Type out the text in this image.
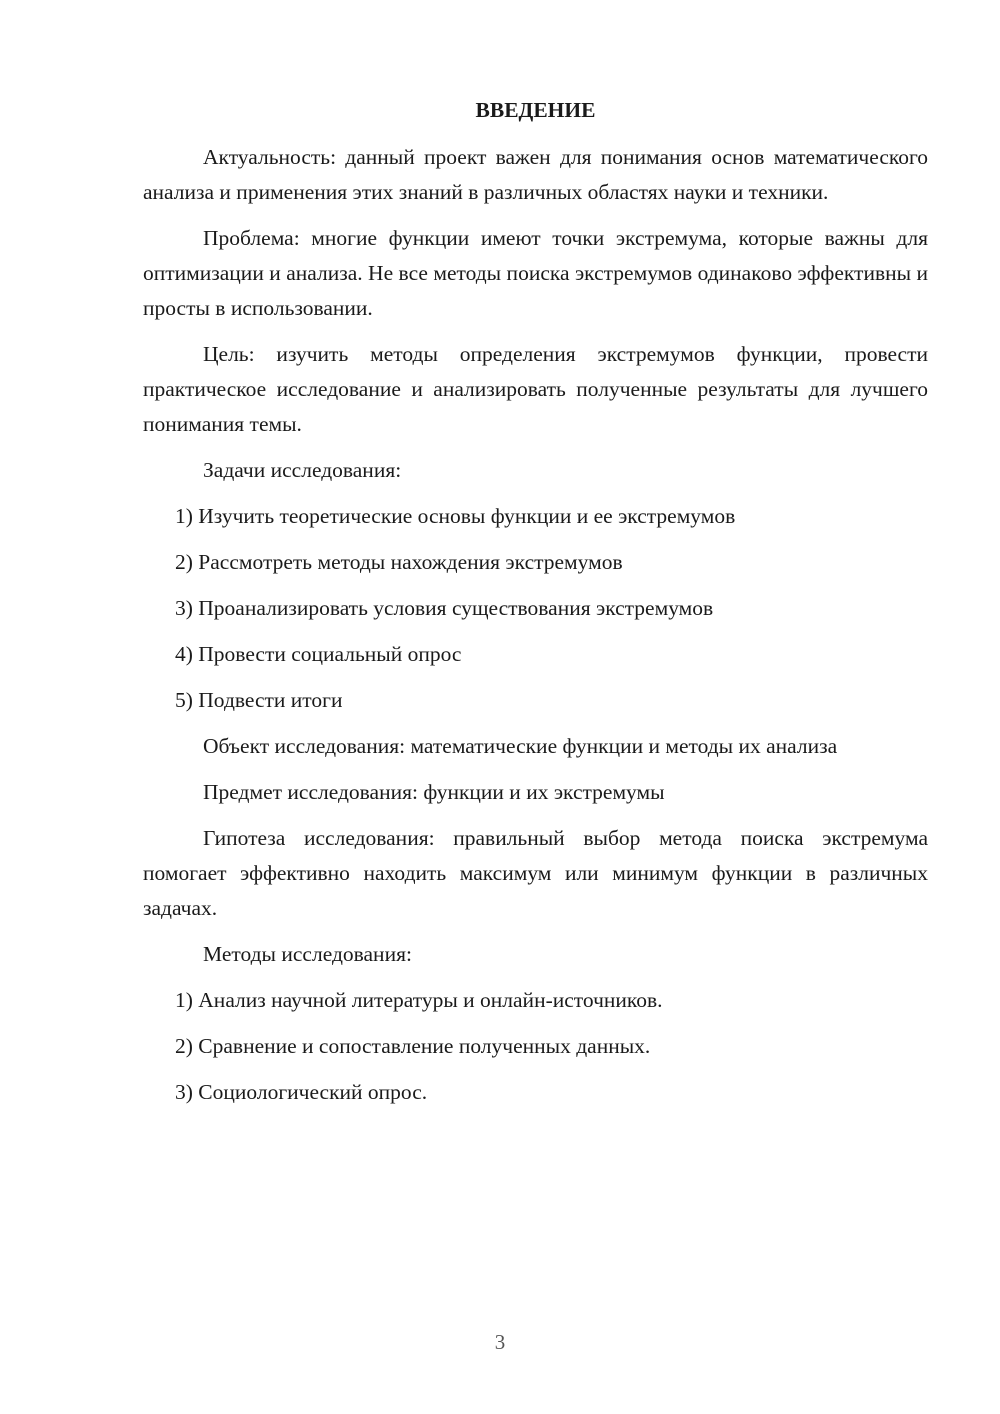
ВВЕДЕНИЕ
Актуальность: данный проект важен для понимания основ математического анализа и применения этих знаний в различных областях науки и техники.
Проблема: многие функции имеют точки экстремума, которые важны для оптимизации и анализа. Не все методы поиска экстремумов одинаково эффективны и просты в использовании.
Цель: изучить методы определения экстремумов функции, провести практическое исследование и анализировать полученные результаты для лучшего понимания темы.
Задачи исследования:
1) Изучить теоретические основы функции и ее экстремумов
2) Рассмотреть методы нахождения экстремумов
3) Проанализировать условия существования экстремумов
4) Провести социальный опрос
5) Подвести итоги
Объект исследования: математические функции и методы их анализа
Предмет исследования: функции и их экстремумы
Гипотеза исследования: правильный выбор метода поиска экстремума помогает эффективно находить максимум или минимум функции в различных задачах.
Методы исследования:
1) Анализ научной литературы и онлайн-источников.
2) Сравнение и сопоставление полученных данных.
3) Социологический опрос.
3
